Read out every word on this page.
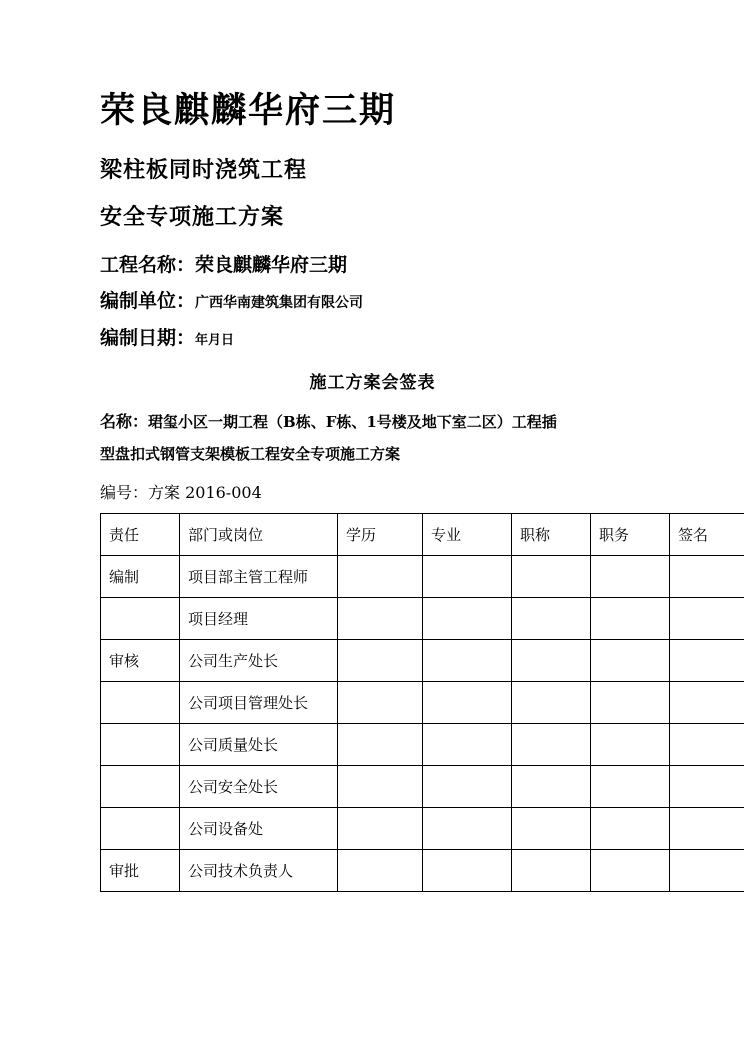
荣良麒麟华府三期
梁柱板同时浇筑工程
安全专项施工方案

工程名称：荣良麒麟华府三期

编制单位：广西华南建筑集团有限公司

编制日期：年月日

施工方案会签表

名称：珺玺小区一期工程（B栋、F栋、1号楼及地下室二区）工程插

型盘扣式钢管支架模板工程安全专项施工方案

编号：方案 2016-004

责任	部门或岗位	学历	专业	职称	职务	签名
编制	项目部主管工程师					
	项目经理					
审核	公司生产处长					
	公司项目管理处长					
	公司质量处长					
	公司安全处长					
	公司设备处					
审批	公司技术负责人					
